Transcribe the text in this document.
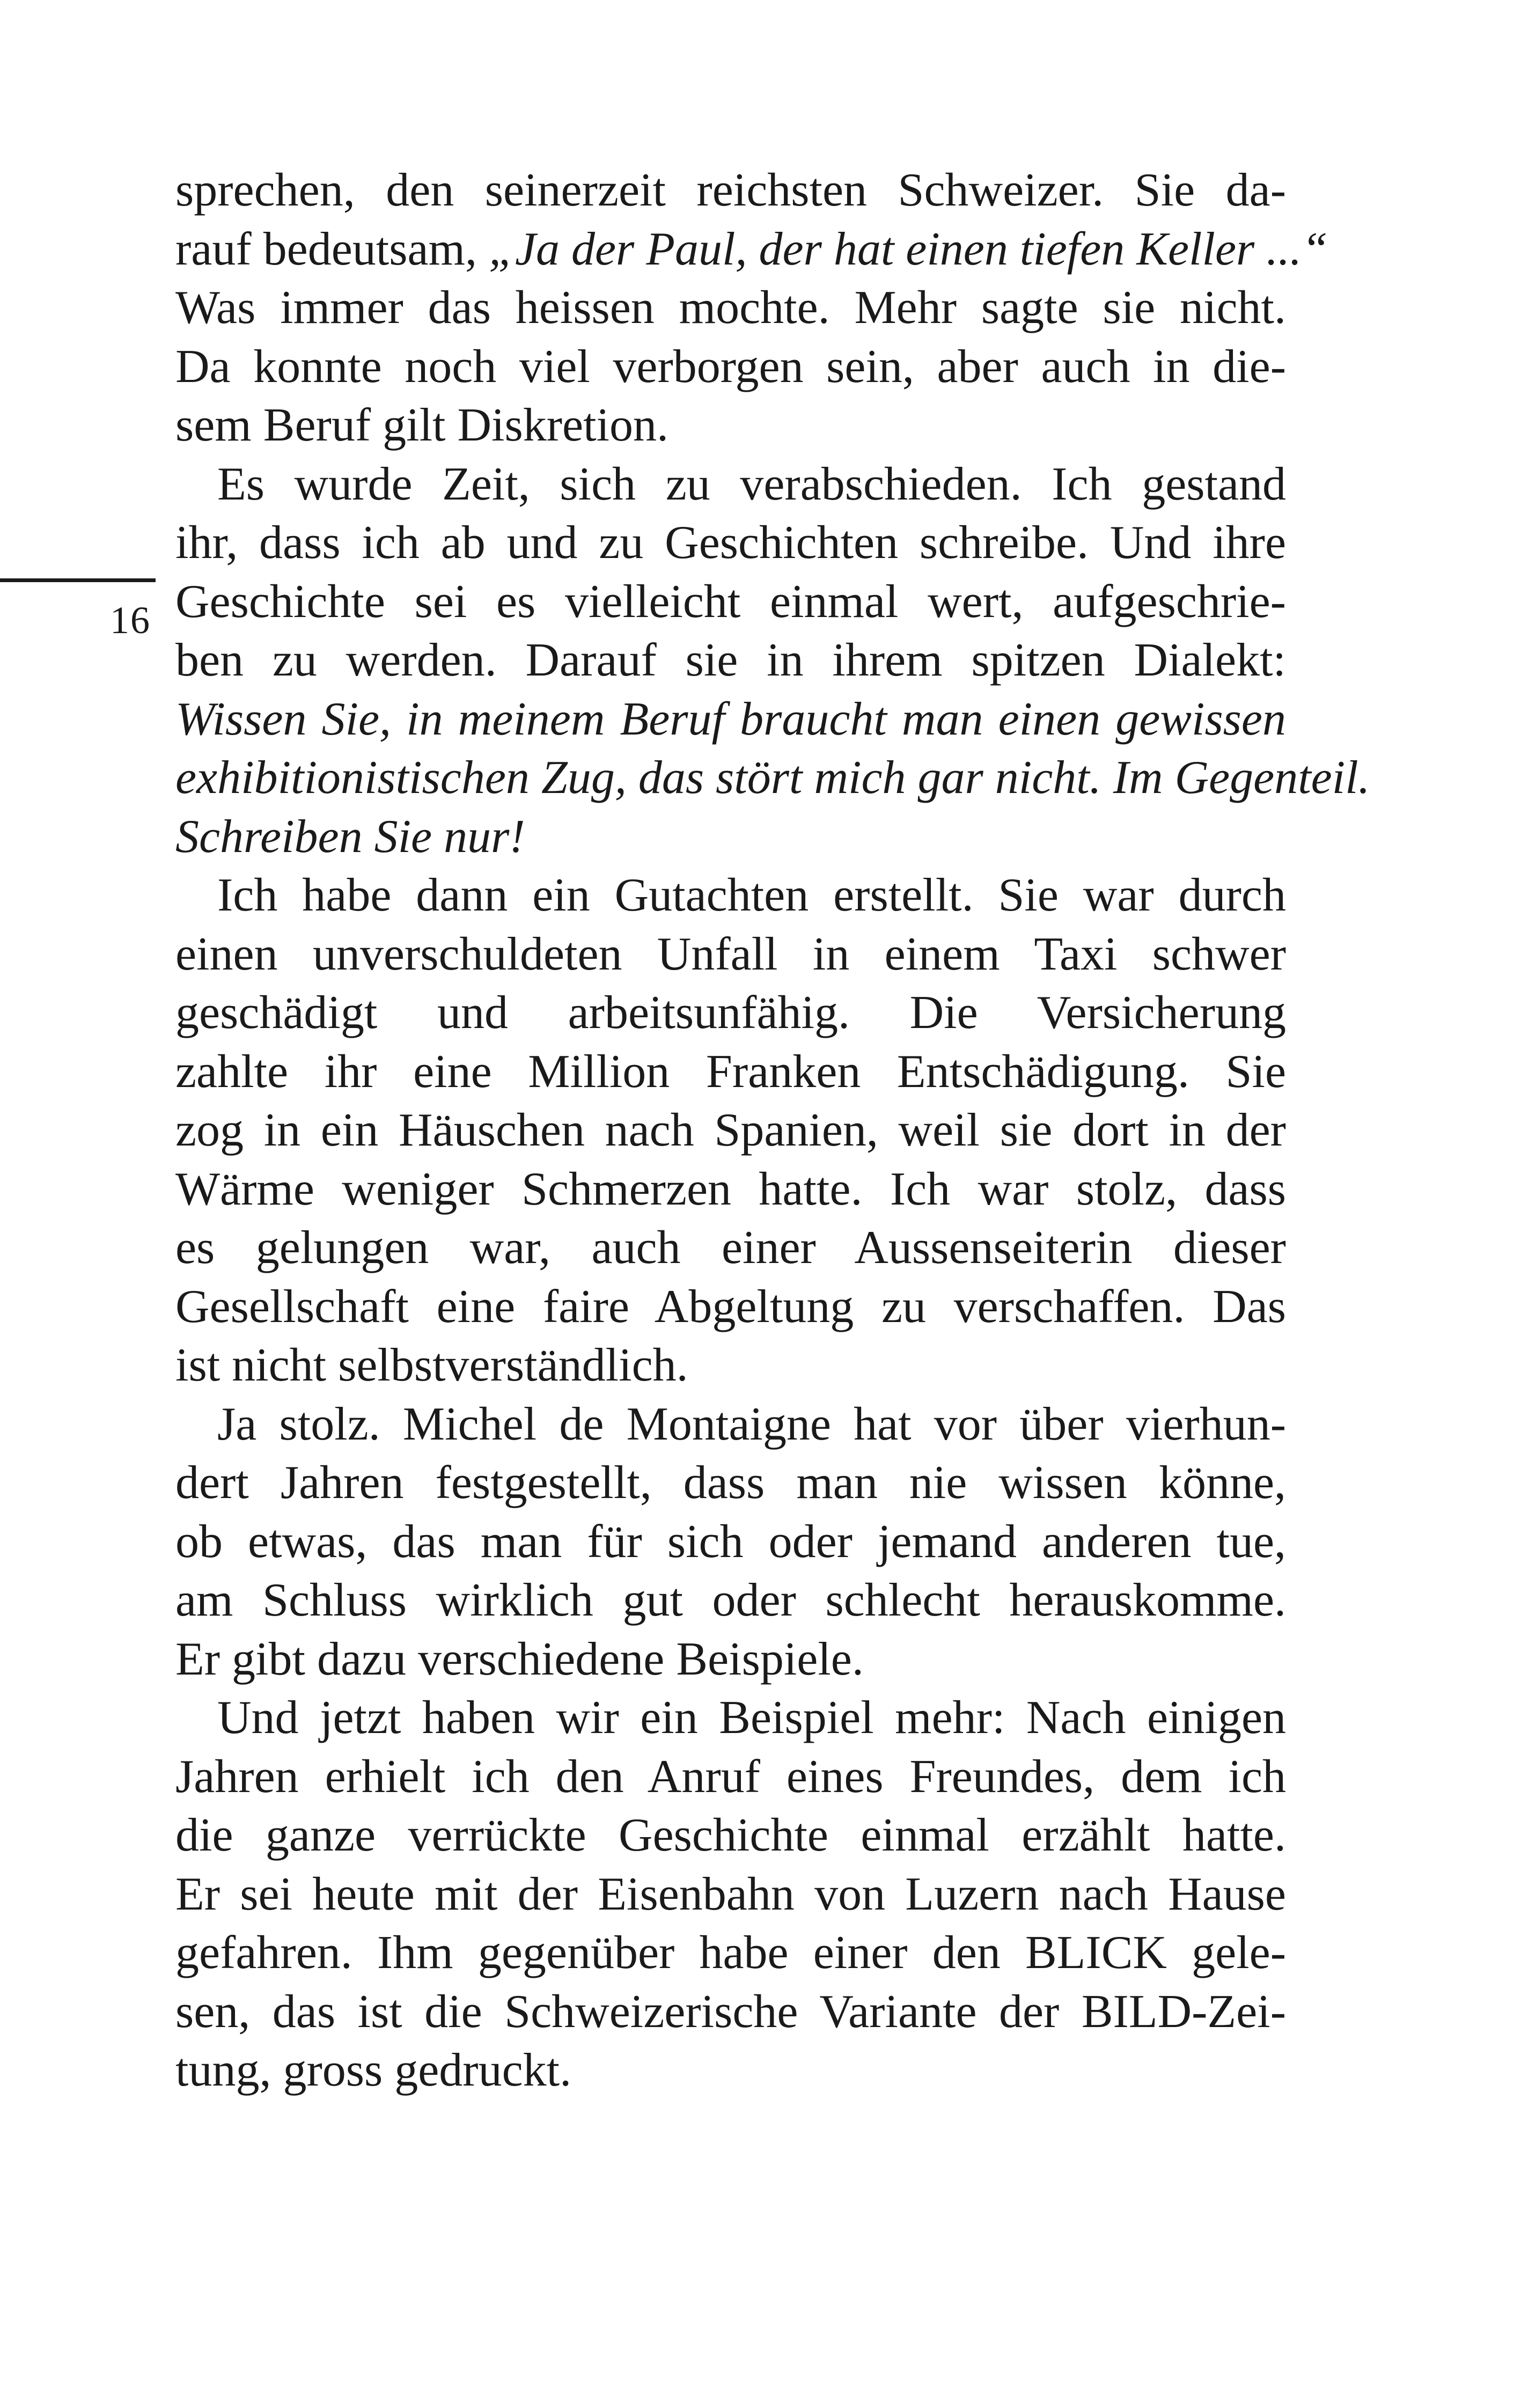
16
sprechen, den seinerzeit reichsten Schweizer. Sie da-
rauf bedeutsam, „Ja der Paul, der hat einen tiefen Keller ...“
Was immer das heissen mochte. Mehr sagte sie nicht.
Da konnte noch viel verborgen sein, aber auch in die-
sem Beruf gilt Diskretion.
Es wurde Zeit, sich zu verabschieden. Ich gestand
ihr, dass ich ab und zu Geschichten schreibe. Und ihre
Geschichte sei es vielleicht einmal wert, aufgeschrie-
ben zu werden. Darauf sie in ihrem spitzen Dialekt:
Wissen Sie, in meinem Beruf braucht man einen gewissen
exhibitionistischen Zug, das stört mich gar nicht. Im Gegenteil.
Schreiben Sie nur!
Ich habe dann ein Gutachten erstellt. Sie war durch
einen unverschuldeten Unfall in einem Taxi schwer
geschädigt und arbeitsunfähig. Die Versicherung
zahlte ihr eine Million Franken Entschädigung. Sie
zog in ein Häuschen nach Spanien, weil sie dort in der
Wärme weniger Schmerzen hatte. Ich war stolz, dass
es gelungen war, auch einer Aussenseiterin dieser
Gesellschaft eine faire Abgeltung zu verschaffen. Das
ist nicht selbstverständlich.
Ja stolz. Michel de Montaigne hat vor über vierhun-
dert Jahren festgestellt, dass man nie wissen könne,
ob etwas, das man für sich oder jemand anderen tue,
am Schluss wirklich gut oder schlecht herauskomme.
Er gibt dazu verschiedene Beispiele.
Und jetzt haben wir ein Beispiel mehr: Nach einigen
Jahren erhielt ich den Anruf eines Freundes, dem ich
die ganze verrückte Geschichte einmal erzählt hatte.
Er sei heute mit der Eisenbahn von Luzern nach Hause
gefahren. Ihm gegenüber habe einer den BLICK gele-
sen, das ist die Schweizerische Variante der BILD-Zei-
tung, gross gedruckt.
